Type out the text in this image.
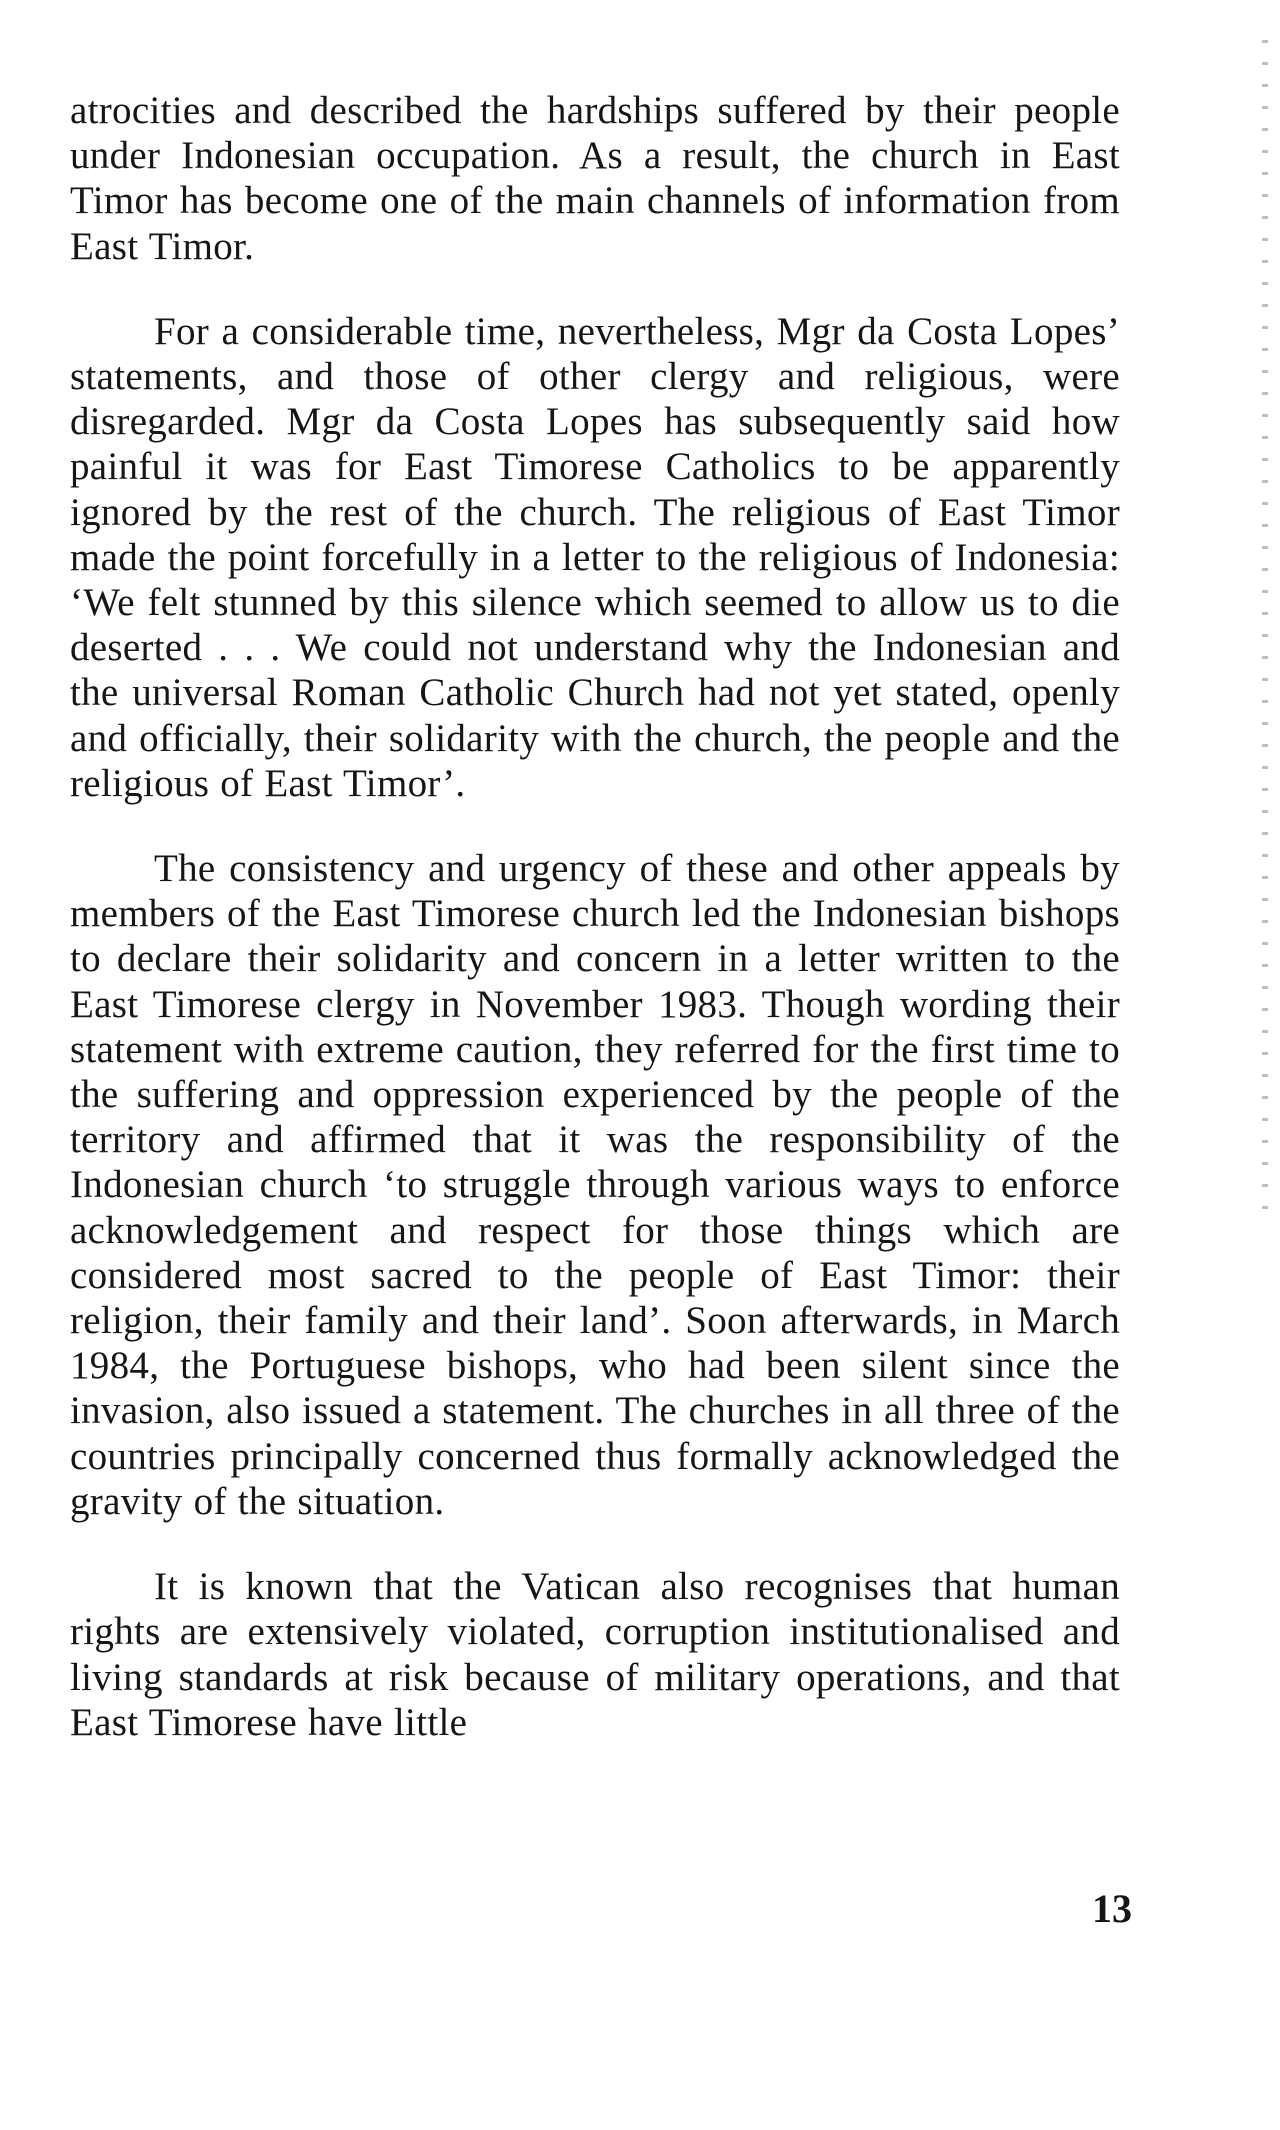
atrocities and described the hardships suffered by their people under Indonesian occupation. As a result, the church in East Timor has become one of the main channels of information from East Timor.

For a considerable time, nevertheless, Mgr da Costa Lopes’ statements, and those of other clergy and religious, were disregarded. Mgr da Costa Lopes has subsequently said how painful it was for East Timorese Catholics to be apparently ignored by the rest of the church. The religious of East Timor made the point forcefully in a letter to the religious of Indonesia: ‘We felt stunned by this silence which seemed to allow us to die deserted . . . We could not understand why the Indonesian and the universal Roman Catholic Church had not yet stated, openly and officially, their solidarity with the church, the people and the religious of East Timor’.

The consistency and urgency of these and other appeals by members of the East Timorese church led the Indonesian bishops to declare their solidarity and concern in a letter written to the East Timorese clergy in November 1983. Though wording their statement with extreme caution, they referred for the first time to the suffering and oppression experienced by the people of the territory and affirmed that it was the responsibility of the Indonesian church ‘to struggle through various ways to enforce acknowledgement and respect for those things which are considered most sacred to the people of East Timor: their religion, their family and their land’. Soon afterwards, in March 1984, the Portuguese bishops, who had been silent since the invasion, also issued a statement. The churches in all three of the countries principally concerned thus formally acknowledged the gravity of the situation.

It is known that the Vatican also recognises that human rights are extensively violated, corruption institutionalised and living standards at risk because of military operations, and that East Timorese have little

13
